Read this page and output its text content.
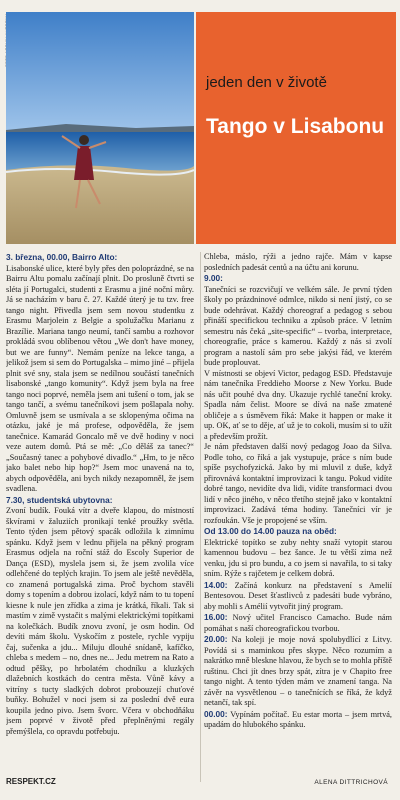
jeden den v životě
Tango v Lisabonu

3. března, 00.00, Bairro Alto:

Lisabonské ulice, které byly přes den poloprázdné, se na Bairru Altu pomalu začínají plnit. Do prosluně čtvrti se sléta jí Portugalci, studenti z Erasmu a jiné noční můry. Já se nacházím v baru č. 27. Každé úterý je tu tzv. free tango night. Přivedla jsem sem novou studentku z Erasmu Marjolein z Belgie a spolužačku Marianu z Brazílie. Mariana tango neumí, tančí sambu a rozhovor prokládá svou oblíbenou větou „We don't have money, but we are funny“. Nemám peníze na lekce tanga, a jelikož jsem si sem do Portugalska – mimo jiné – přijela plnit své sny, stala jsem se nedílnou součástí tanečních lisabonské „tango komunity“. Když jsem byla na free tango noci poprvé, neměla jsem ani tušení o tom, jak se tango tančí, a svému tanečníkovi jsem pošlapala nohy. Omluvně jsem se usmívala a se sklopenýma očima na otázku, jaké je má profese, odpověděla, že jsem tanečnice. Kamarád Goncalo mě ve dvě hodiny v noci veze autem domů. Ptá se mě: „Co děláš za tanec?“ „Současný tanec a pohybové divadlo.“ „Hm, to je něco jako balet nebo hip hop?“ Jsem moc unavená na to, abych odpověděla, ani bych nikdy nezapomněl, že jsem svadlena.

7.30, studentská ubytovna:

Zvoní budík. Fouká vítr a dveře klapou, do místností škvírami v žaluziích pronikají tenké proužky světla. Tento týden jsem pětový spacák odložila k zimnímu spánku. Když jsem v lednu přijela na pěkný program Erasmus odjela na roční stáž do Escoly Superior de Dança (ESD), myslela jsem si, že jsem zvolila více odlehčené do teplých krajin. To jsem ale ještě nevěděla, co znamená portugalská zima. Proč bychom stavěli domy s topením a dobrou izolací, když nám to tu topení kiesne k nule jen zřídka a zima je krátká, říkali. Tak si mastím v zimě vystačit s malými elektrickými topítkami na kolečkách. Budík znovu zvoní, je osm hodin. Od devíti mám školu. Vyskočím z postele, rychle vypiju čaj, sučenka a jdu... Miluju dlouhé snídaně, kafíčko, chleba s medem – no, dnes ne... Jedu metrem na Rato a odtud pěšky, po hrbolatém chodníku a kluzkých dlažebních kostkách do centra města. Vůně kávy a vitríny s tucty sladkých dobrot probouzejí chuťové buňky. Bohužel v noci jsem si za poslední dvě eura koupila jedno pivo. Jsem švorc. Včera v obchodňáku jsem poprvé v životě před přeplněnými regály přemýšlela, co opravdu potřebuju.

Chleba, máslo, rýži a jedno rajče. Mám v kapse posledních padesát centů a na účtu ani korunu.

9.00:

Tanečníci se rozcvičují ve velkém sále. Je první týden školy po prázdninové odmlce, nikdo si není jistý, co se bude odehrávat. Každý choreograf a pedagog s sebou přináší specifickou techniku a způsob práce. V letním semestru nás čeká „site-specific“ – tvorba, interpretace, choreografie, práce s kamerou. Každý z nás si zvolí program a nastolí sám pro sebe jakýsi řád, ve kterém bude proplouvat.

V místnosti se objeví Victor, pedagog ESD. Představuje nám tanečníka Freddieho Moorse z New Yorku. Bude nás učit pouhé dva dny. Ukazuje rychlé taneční kroky. Spadla nám čelist. Moore se dívá na naše zmatené obličeje a s úsměvem říká: Make it happen or make it up. OK, ať se to děje, ať už je to cokoli, musím si to užít a především prožít.

Je nám představen další nový pedagog Joao da Silva. Podle toho, co říká a jak vystupuje, práce s ním bude spíše psychofyzická. Jako by mi mluvil z duše, když přirovnává kontaktní improvizaci k tangu. Pokud vidíte dobré tango, nevidíte dva lidi, vidíte transformaci dvou lidí v něco jiného, v něco třetího stejně jako v kontaktní improvizaci. Zadává téma hodiny. Tanečníci vír je rozfoukán. Vše je propojené se vším.

Od 13.00 do 14.00 pauza na oběd:

Elektrické topítko se zuby nehty snaží vytopit starou kamennou budovu – bez šance. Je tu větší zima než venku, jdu si pro bundu, a co jsem si navařila, to si taky sním. Rýže s rajčetem je celkem dobrá.

14.00: Začíná konkurz na představení s Amelií Bentesovou. Deset šťastlivců z padesáti bude vybráno, aby mohli s Amélií vytvořit jiný program.

16.00: Nový učitel Francisco Camacho. Bude nám pomáhat s naší choreografickou tvorbou.

20.00: Na koleji je moje nová spolubydlící z Litvy. Povídá si s maminkou přes skype. Něco rozumím a nakrátko mně bleskne hlavou, že bych se to mohla příště ruštinu. Chci jít dnes brzy spát, zítra je v Chapito free tango night. A tento týden mám ve znamení tanga. Na závěr na vysvětlenou – o tanečnících se říká, že když netančí, tak spí.

00.00: Vypínám počítač. Eu estar morta – jsem mrtvá, upadám do hlubokého spánku.

ALENA DITTRICHOVÁ
RESPEKT.CZ
